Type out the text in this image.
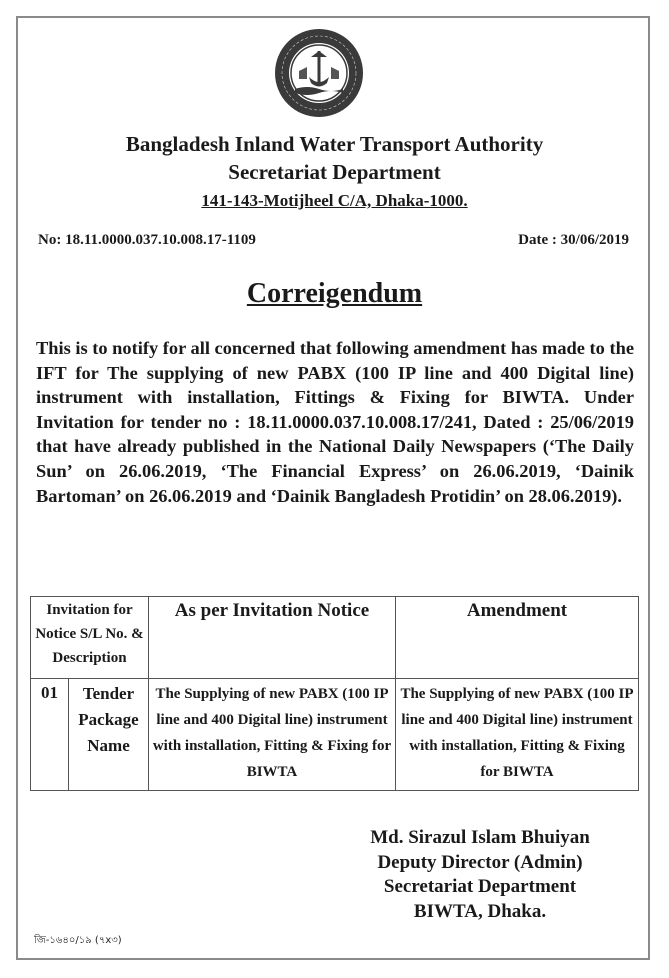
Bangladesh Inland Water Transport Authority
Secretariat Department
141-143-Motijheel C/A, Dhaka-1000.
No: 18.11.0000.037.10.008.17-1109	Date : 30/06/2019
Correigendum
This is to notify for all concerned that following amendment has made to the IFT for The supplying of new PABX (100 IP line and 400 Digital line) instrument with installation, Fittings & Fixing for BIWTA. Under Invitation for tender no : 18.11.0000.037.10.008.17/241, Dated : 25/06/2019 that have already published in the National Daily Newspapers (‘The Daily Sun’ on 26.06.2019, ‘The Financial Express’ on 26.06.2019, ‘Dainik Bartoman’ on 26.06.2019 and ‘Dainik Bangladesh Protidin’ on 28.06.2019).
Invitation for Notice S/L No. & Description		As per Invitation Notice	Amendment
01	Tender Package Name	The Supplying of new PABX (100 IP line and 400 Digital line) instrument with installation, Fitting & Fixing for BIWTA	The Supplying of new PABX (100 IP line and 400 Digital line) instrument with installation, Fitting & Fixing for BIWTA
Md. Sirazul Islam Bhuiyan
Deputy Director (Admin)
Secretariat Department
BIWTA, Dhaka.
জি-১৬৪০/১৯ (৭x৩)
